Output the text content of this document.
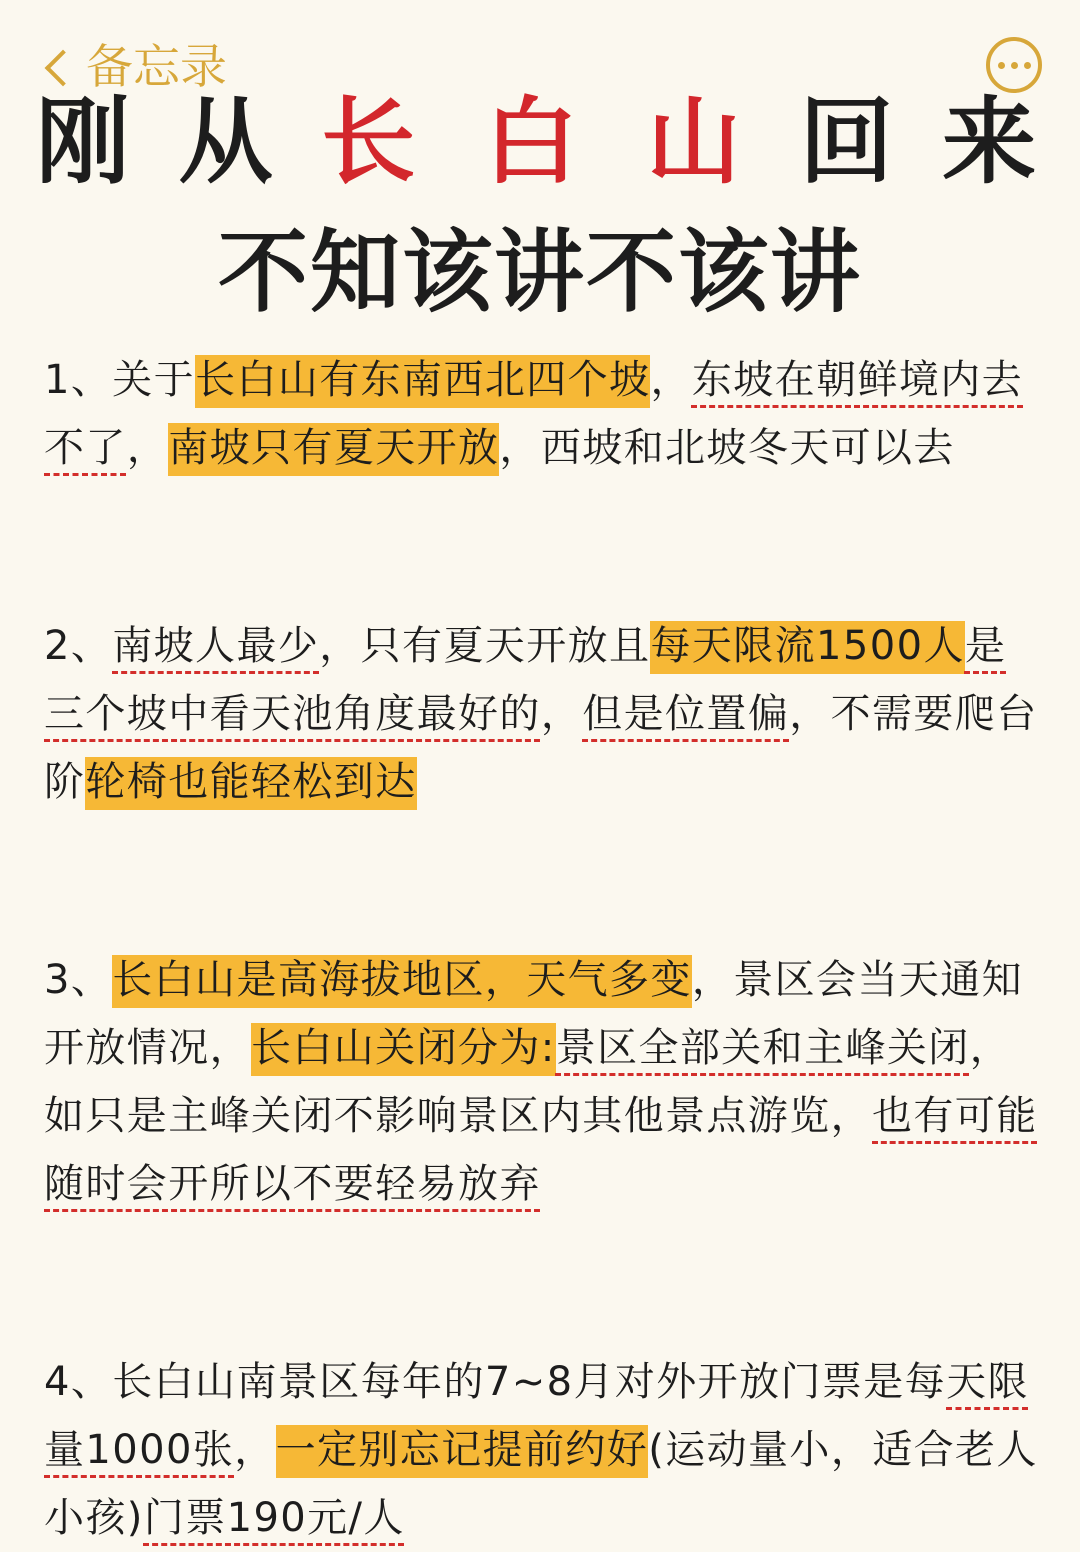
备忘录
刚 从 长 白 山 回 来
不知该讲不该讲

1、关于长白山有东南西北四个坡，东坡在朝鲜境内去不了，南坡只有夏天开放，西坡和北坡冬天可以去

2、南坡人最少，只有夏天开放且每天限流1500人是三个坡中看天池角度最好的，但是位置偏，不需要爬台阶轮椅也能轻松到达

3、长白山是高海拔地区，天气多变，景区会当天通知开放情况，长白山关闭分为:景区全部关和主峰关闭，如只是主峰关闭不影响景区内其他景点游览，也有可能随时会开所以不要轻易放弃

4、长白山南景区每年的7~8月对外开放门票是每天限量1000张，一定别忘记提前约好(运动量小，适合老人小孩)门票190元/人
